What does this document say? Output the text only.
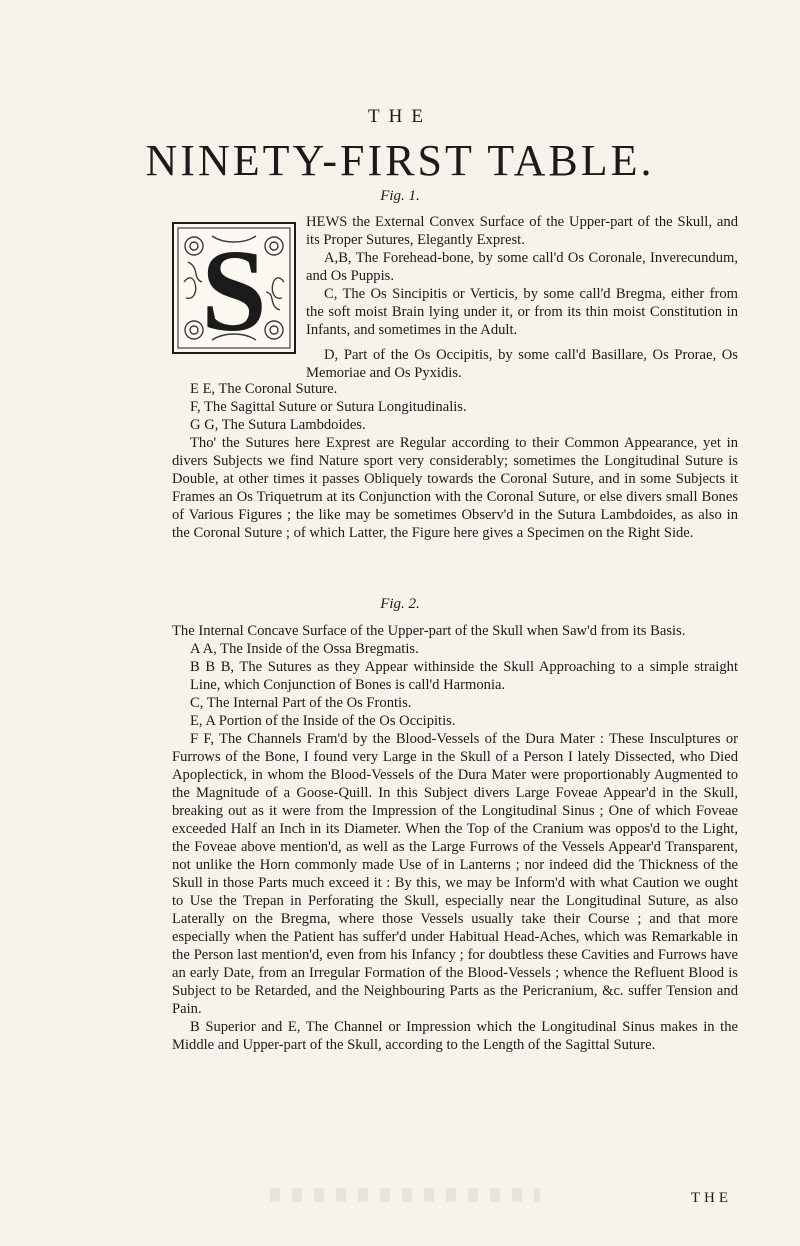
THE
NINETY-FIRST TABLE.
Fig. 1.
S

HEWS the External Convex Surface of the Upper-part of the Skull, and its Proper Sutures, Elegantly Exprest.

A,B, The Forehead-bone, by some call'd Os Coronale, Inverecundum, and Os Puppis.

C, The Os Sincipitis or Verticis, by some call'd Bregma, either from the soft moist Brain lying under it, or from its thin moist Constitution in Infants, and sometimes in the Adult.

D, Part of the Os Occipitis, by some call'd Basillare, Os Prorae, Os Memoriae and Os Pyxidis.

E E, The Coronal Suture.

F, The Sagittal Suture or Sutura Longitudinalis.

G G, The Sutura Lambdoides.

Tho' the Sutures here Exprest are Regular according to their Common Appearance, yet in divers Subjects we find Nature sport very considerably; sometimes the Longitudinal Suture is Double, at other times it passes Obliquely towards the Coronal Suture, and in some Subjects it Frames an Os Triquetrum at its Conjunction with the Coronal Suture, or else divers small Bones of Various Figures ; the like may be sometimes Observ'd in the Sutura Lambdoides, as also in the Coronal Suture ; of which Latter, the Figure here gives a Specimen on the Right Side.

Fig. 2.

The Internal Concave Surface of the Upper-part of the Skull when Saw'd from its Basis.

A A, The Inside of the Ossa Bregmatis.

B B B, The Sutures as they Appear withinside the Skull Approaching to a simple straight Line, which Conjunction of Bones is call'd Harmonia.

C, The Internal Part of the Os Frontis.

E, A Portion of the Inside of the Os Occipitis.

F F, The Channels Fram'd by the Blood-Vessels of the Dura Mater : These Insculptures or Furrows of the Bone, I found very Large in the Skull of a Person I lately Dissected, who Died Apoplectick, in whom the Blood-Vessels of the Dura Mater were proportionably Augmented to the Magnitude of a Goose-Quill. In this Subject divers Large Foveae Appear'd in the Skull, breaking out as it were from the Impression of the Longitudinal Sinus ; One of which Foveae exceeded Half an Inch in its Diameter. When the Top of the Cranium was oppos'd to the Light, the Foveae above mention'd, as well as the Large Furrows of the Vessels Appear'd Transparent, not unlike the Horn commonly made Use of in Lanterns ; nor indeed did the Thickness of the Skull in those Parts much exceed it : By this, we may be Inform'd with what Caution we ought to Use the Trepan in Perforating the Skull, especially near the Longitudinal Suture, as also Laterally on the Bregma, where those Vessels usually take their Course ; and that more especially when the Patient has suffer'd under Habitual Head-Aches, which was Remarkable in the Person last mention'd, even from his Infancy ; for doubtless these Cavities and Furrows have an early Date, from an Irregular Formation of the Blood-Vessels ; whence the Refluent Blood is Subject to be Retarded, and the Neighbouring Parts as the Pericranium, &c. suffer Tension and Pain.

B Superior and E, The Channel or Impression which the Longitudinal Sinus makes in the Middle and Upper-part of the Skull, according to the Length of the Sagittal Suture.

THE
